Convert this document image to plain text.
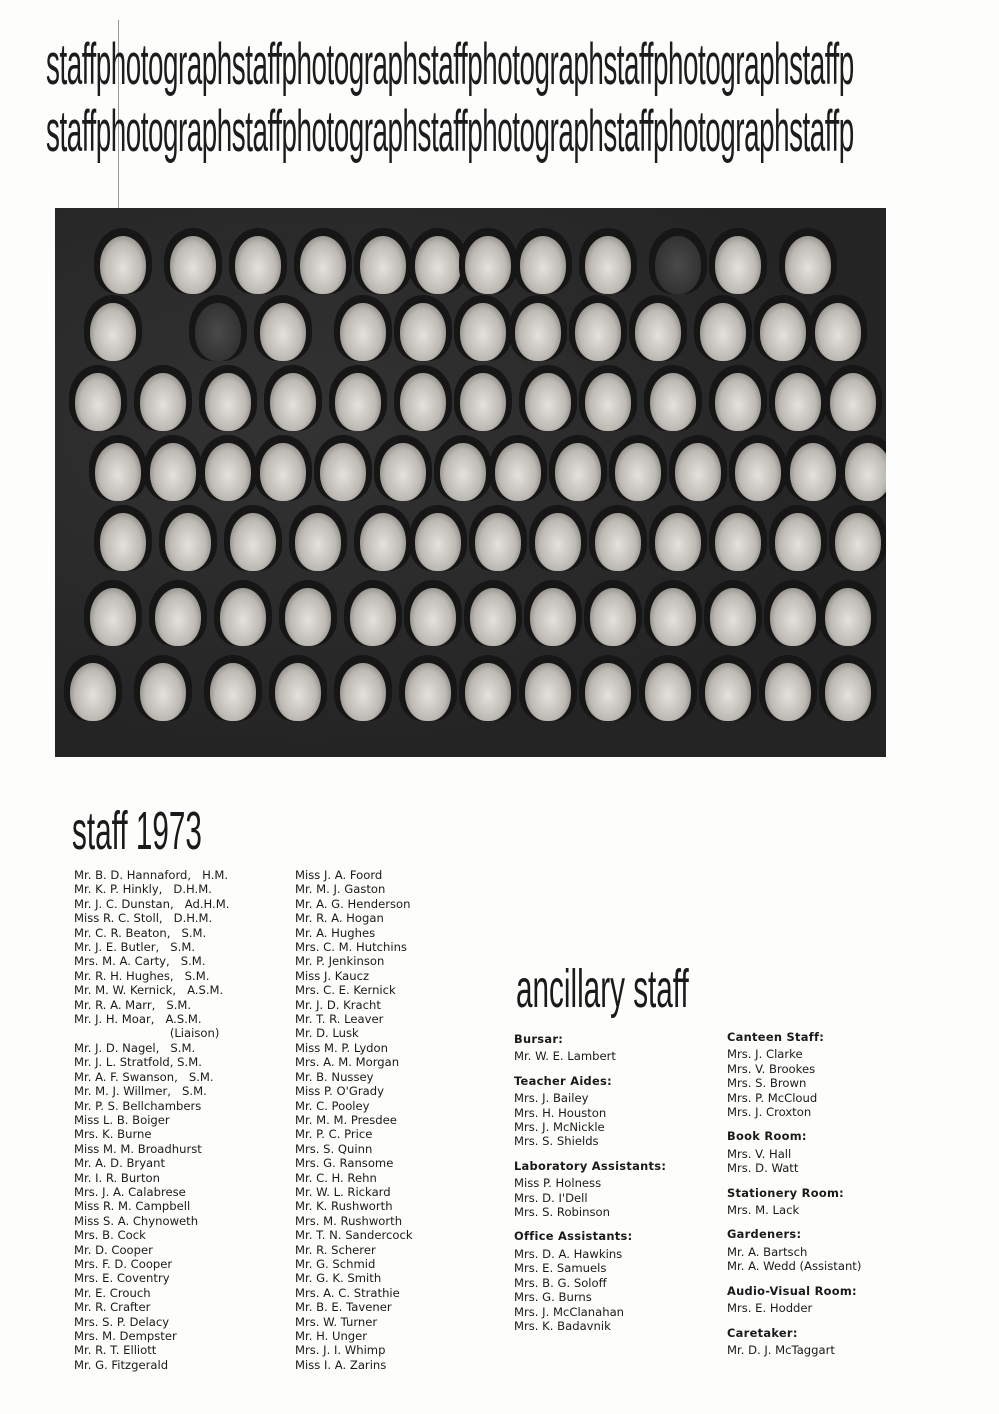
staffphotographstaffphotographstaffphotographstaffphotographstaffp
staffphotographstaffphotographstaffphotographstaffphotographstaffp
staff 1973
Mr. B. D. Hannaford,   H.M.
Mr. K. P. Hinkly,   D.H.M.
Mr. J. C. Dunstan,   Ad.H.M.
Miss R. C. Stoll,   D.H.M.
Mr. C. R. Beaton,   S.M.
Mr. J. E. Butler,   S.M.
Mrs. M. A. Carty,   S.M.
Mr. R. H. Hughes,   S.M.
Mr. M. W. Kernick,   A.S.M.
Mr. R. A. Marr,   S.M.
Mr. J. H. Moar,   A.S.M.
(Liaison)
Mr. J. D. Nagel,   S.M.
Mr. J. L. Stratfold, S.M.
Mr. A. F. Swanson,   S.M.
Mr. M. J. Willmer,   S.M.
Mr. P. S. Bellchambers
Miss L. B. Boiger
Mrs. K. Burne
Miss M. M. Broadhurst
Mr. A. D. Bryant
Mr. I. R. Burton
Mrs. J. A. Calabrese
Miss R. M. Campbell
Miss S. A. Chynoweth
Mrs. B. Cock
Mr. D. Cooper
Mrs. F. D. Cooper
Mrs. E. Coventry
Mr. E. Crouch
Mr. R. Crafter
Mrs. S. P. Delacy
Mrs. M. Dempster
Mr. R. T. Elliott
Mr. G. Fitzgerald
Miss J. A. Foord
Mr. M. J. Gaston
Mr. A. G. Henderson
Mr. R. A. Hogan
Mr. A. Hughes
Mrs. C. M. Hutchins
Mr. P. Jenkinson
Miss J. Kaucz
Mrs. C. E. Kernick
Mr. J. D. Kracht
Mr. T. R. Leaver
Mr. D. Lusk
Miss M. P. Lydon
Mrs. A. M. Morgan
Mr. B. Nussey
Miss P. O'Grady
Mr. C. Pooley
Mr. M. M. Presdee
Mr. P. C. Price
Mrs. S. Quinn
Mrs. G. Ransome
Mr. C. H. Rehn
Mr. W. L. Rickard
Mr. K. Rushworth
Mrs. M. Rushworth
Mr. T. N. Sandercock
Mr. R. Scherer
Mr. G. Schmid
Mr. G. K. Smith
Mrs. A. C. Strathie
Mr. B. E. Tavener
Mrs. W. Turner
Mr. H. Unger
Mrs. J. I. Whimp
Miss I. A. Zarins
ancillary staff
Bursar:
Mr. W. E. Lambert
Teacher Aides:
Mrs. J. Bailey
Mrs. H. Houston
Mrs. J. McNickle
Mrs. S. Shields
Laboratory Assistants:
Miss P. Holness
Mrs. D. I'Dell
Mrs. S. Robinson
Office Assistants:
Mrs. D. A. Hawkins
Mrs. E. Samuels
Mrs. B. G. Soloff
Mrs. G. Burns
Mrs. J. McClanahan
Mrs. K. Badavnik
Canteen Staff:
Mrs. J. Clarke
Mrs. V. Brookes
Mrs. S. Brown
Mrs. P. McCloud
Mrs. J. Croxton
Book Room:
Mrs. V. Hall
Mrs. D. Watt
Stationery Room:
Mrs. M. Lack
Gardeners:
Mr. A. Bartsch
Mr. A. Wedd (Assistant)
Audio-Visual Room:
Mrs. E. Hodder
Caretaker:
Mr. D. J. McTaggart
